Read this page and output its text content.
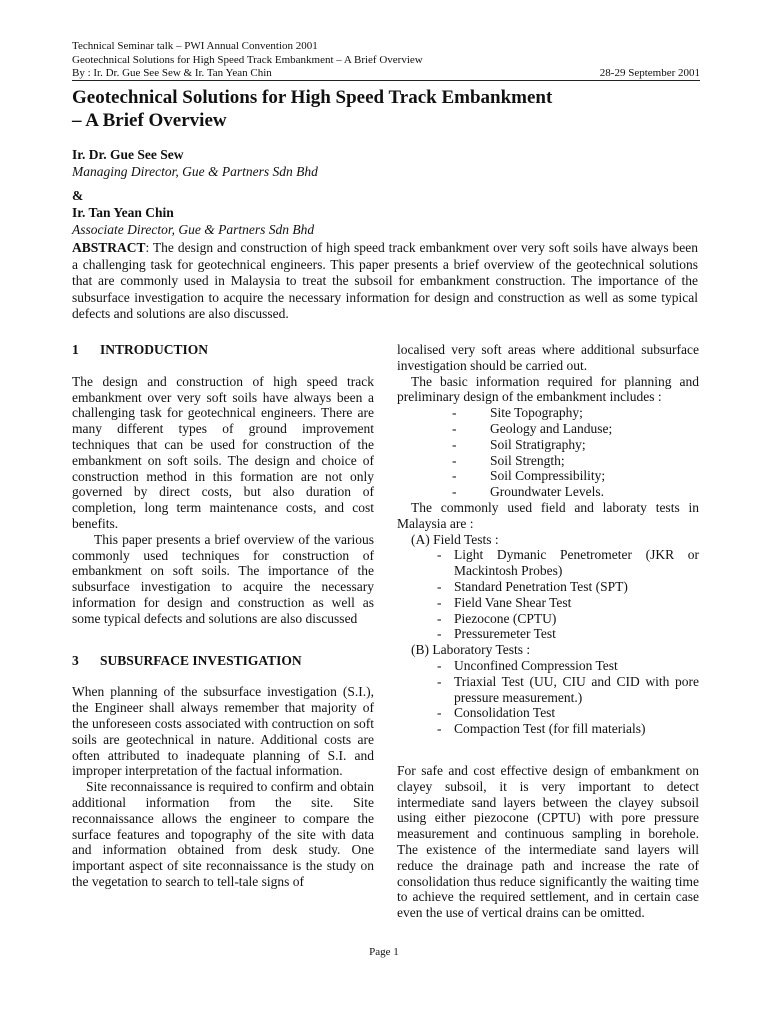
Technical Seminar talk – PWI Annual Convention 2001
Geotechnical Solutions for High Speed Track Embankment – A Brief Overview
By : Ir. Dr. Gue See Sew & Ir. Tan Yean Chin	28-29 September 2001
Geotechnical Solutions for High Speed Track Embankment
– A Brief Overview
Ir. Dr. Gue See Sew
Managing Director, Gue & Partners Sdn Bhd
&
Ir. Tan Yean Chin
Associate Director, Gue & Partners Sdn Bhd

ABSTRACT: The design and construction of high speed track embankment over very soft soils have always been a challenging task for geotechnical engineers. This paper presents a brief overview of the geotechnical solutions that are commonly used in Malaysia to treat the subsoil for embankment construction. The importance of the subsurface investigation to acquire the necessary information for design and construction as well as some typical defects and solutions are also discussed.

1	INTRODUCTION

The design and construction of high speed track embankment over very soft soils have always been a challenging task for geotechnical engineers. There are many different types of ground improvement techniques that can be used for construction of the embankment on soft soils. The design and choice of construction method in this formation are not only governed by direct costs, but also duration of completion, long term maintenance costs, and cost benefits.

This paper presents a brief overview of the various commonly used techniques for construction of embankment on soft soils. The importance of the subsurface investigation to acquire the necessary information for design and construction as well as some typical defects and solutions are also discussed

3	SUBSURFACE INVESTIGATION

When planning of the subsurface investigation (S.I.), the Engineer shall always remember that majority of the unforeseen costs associated with contruction on soft soils are geotechnical in nature. Additional costs are often attributed to inadequate planning of S.I. and improper interpretation of the factual information.

Site reconnaissance is required to confirm and obtain additional information from the site. Site reconnaissance allows the engineer to compare the surface features and topography of the site with data and information obtained from desk study. One important aspect of site reconnaissance is the study on the vegetation to search to tell-tale signs of

localised very soft areas where additional subsurface investigation should be carried out.

The basic information required for planning and preliminary design of the embankment includes :

-	Site Topography;
-	Geology and Landuse;
-	Soil Stratigraphy;
-	Soil Strength;
-	Soil Compressibility;
-	Groundwater Levels.

The commonly used field and laboraty tests in Malaysia are :

(A) Field Tests :
- Light Dymanic Penetrometer (JKR or Mackintosh Probes)
- Standard Penetration Test (SPT)
- Field Vane Shear Test
- Piezocone (CPTU)
- Pressuremeter Test
(B) Laboratory Tests :
- Unconfined Compression Test
- Triaxial Test (UU, CIU and CID with pore pressure measurement.)
- Consolidation Test
- Compaction Test (for fill materials)

For safe and cost effective design of embankment on clayey subsoil, it is very important to detect intermediate sand layers between the clayey subsoil using either piezocone (CPTU) with pore pressure measurement and continuous sampling in borehole. The existence of the intermediate sand layers will reduce the drainage path and increase the rate of consolidation thus reduce significantly the waiting time to achieve the required settlement, and in certain case even the use of vertical drains can be omitted.

Page 1
